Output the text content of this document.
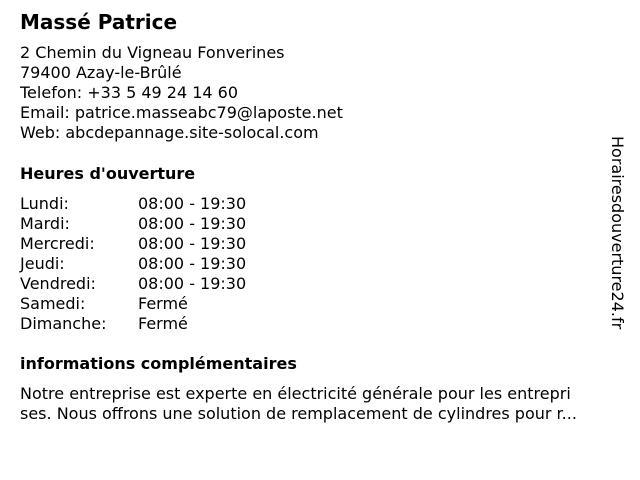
Massé Patrice
2 Chemin du Vigneau Fonverines
79400 Azay-le-Brûlé
Telefon: +33 5 49 24 14 60
Email: patrice.masseabc79@laposte.net
Web: abcdepannage.site-solocal.com
Heures d'ouverture
Lundi:	08:00 - 19:30
Mardi:	08:00 - 19:30
Mercredi:	08:00 - 19:30
Jeudi:	08:00 - 19:30
Vendredi:	08:00 - 19:30
Samedi:	Fermé
Dimanche: Fermé
informations complémentaires
Notre entreprise est experte en électricité générale pour les entrepri
ses. Nous offrons une solution de remplacement de cylindres pour r...
Horairesdouverture24.fr
